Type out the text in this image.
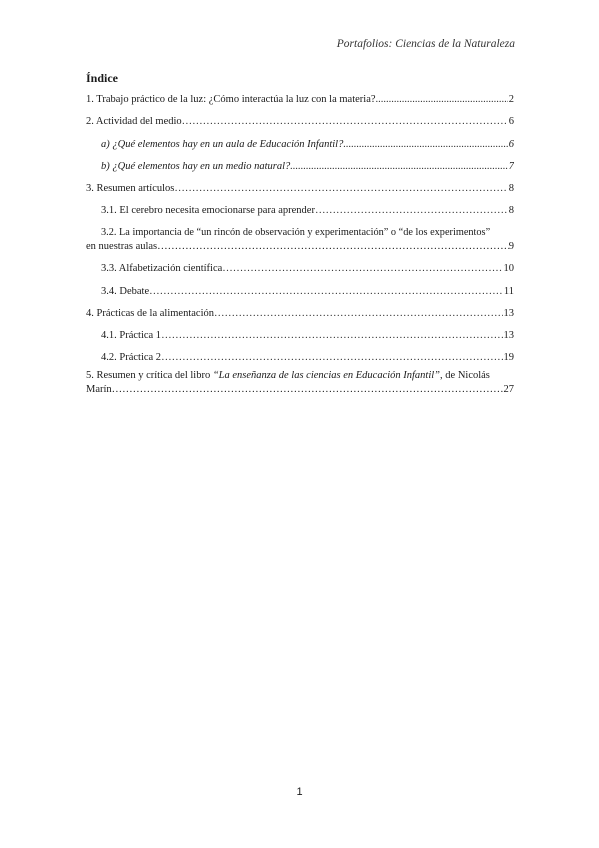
Portafolios: Ciencias de la Naturaleza
Índice
1. Trabajo práctico de la luz: ¿Cómo interactúa la luz con la materia? .....	2
2. Actividad del medio ……………………………………………………………………………………………………………………………………………………………………………………	6
a) ¿Qué elementos hay en un aula de Educación Infantil? .....	6
b) ¿Qué elementos hay en un medio natural? .....	7
3. Resumen artículos ……………………………………………………………………………………………………………………………………………………………………………………	8
3.1. El cerebro necesita emocionarse para aprender ……………………………………………………………………………………………………………………………………………………………………………………	8
3.2. La importancia de “un rincón de observación y experimentación” o “de los experimentos”
en nuestras aulas ……………………………………………………………………………………………………………………………………………………………………………………	9
3.3. Alfabetización científica ……………………………………………………………………………………………………………………………………………………………………………………	10
3.4. Debate ……………………………………………………………………………………………………………………………………………………………………………………	11
4. Prácticas de la alimentación ……………………………………………………………………………………………………………………………………………………………………………………	13
4.1. Práctica 1 ……………………………………………………………………………………………………………………………………………………………………………………	13
4.2. Práctica 2 ……………………………………………………………………………………………………………………………………………………………………………………	19
5. Resumen y crítica del libro “La enseñanza de las ciencias en Educación Infantil”, de Nicolás
Marín ……………………………………………………………………………………………………………………………………………………………………………………	27
1
